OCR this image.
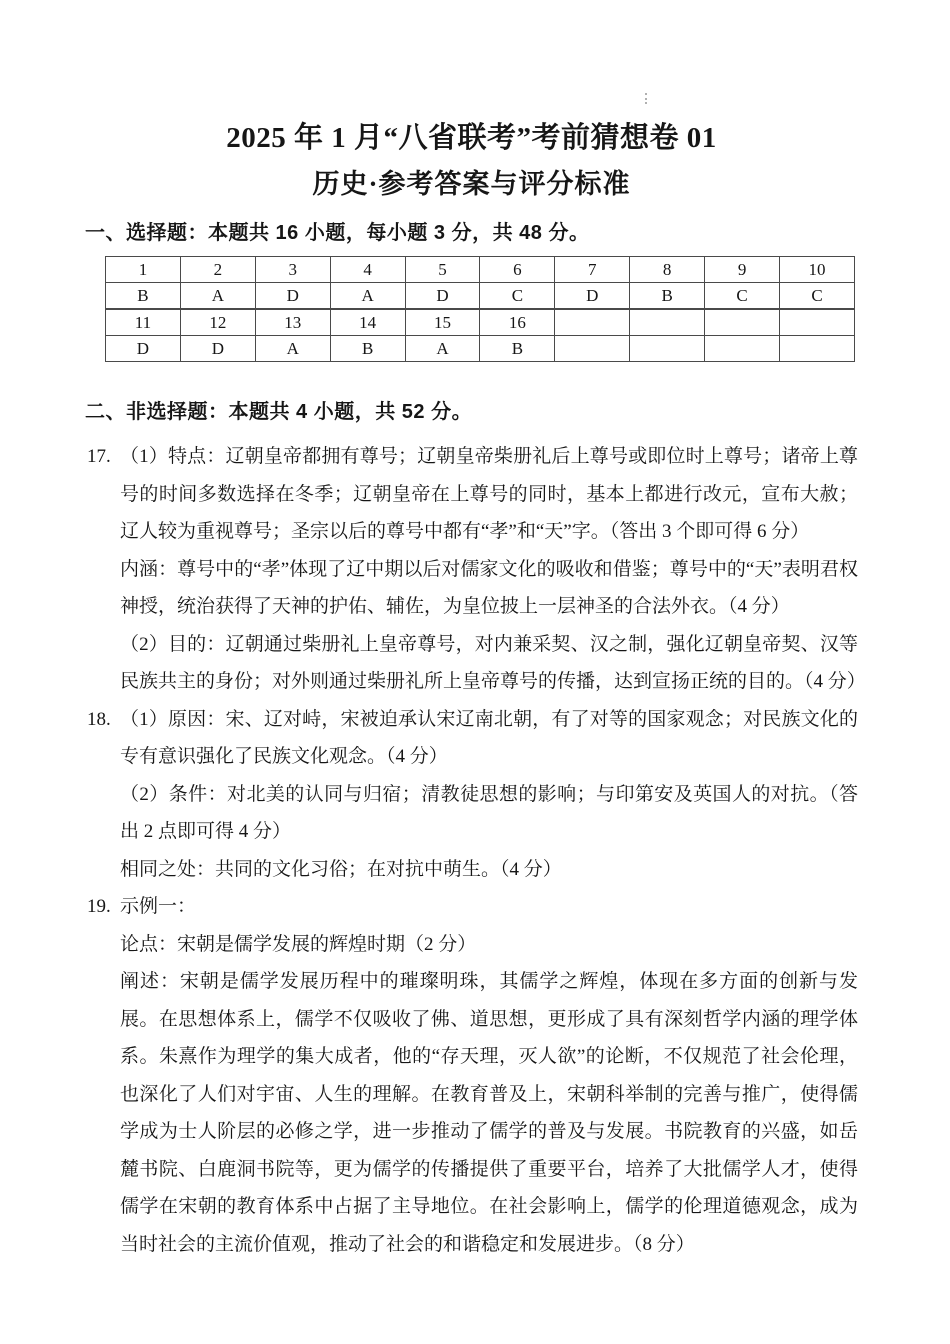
2025 年 1 月“八省联考”考前猜想卷 01
历史·参考答案与评分标准
一、选择题：本题共 16 小题，每小题 3 分，共 48 分。
1	2	3	4	5	6	7	8	9	10
B	A	D	A	D	C	D	B	C	C
11	12	13	14	15	16				
D	D	A	B	A	B				
二、非选择题：本题共 4 小题，共 52 分。
17. （1）特点：辽朝皇帝都拥有尊号；辽朝皇帝柴册礼后上尊号或即位时上尊号；诸帝上尊号的时间多数选择在冬季；辽朝皇帝在上尊号的同时，基本上都进行改元，宣布大赦；辽人较为重视尊号；圣宗以后的尊号中都有“孝”和“天”字。（答出 3 个即可得 6 分）

内涵：尊号中的“孝”体现了辽中期以后对儒家文化的吸收和借鉴；尊号中的“天”表明君权神授，统治获得了天神的护佑、辅佐，为皇位披上一层神圣的合法外衣。（4 分）

（2）目的：辽朝通过柴册礼上皇帝尊号，对内兼采契、汉之制，强化辽朝皇帝契、汉等民族共主的身份；对外则通过柴册礼所上皇帝尊号的传播，达到宣扬正统的目的。（4 分）

18. （1）原因：宋、辽对峙，宋被迫承认宋辽南北朝，有了对等的国家观念；对民族文化的专有意识强化了民族文化观念。（4 分）

（2）条件：对北美的认同与归宿；清教徒思想的影响；与印第安及英国人的对抗。（答出 2 点即可得 4 分）

相同之处：共同的文化习俗；在对抗中萌生。（4 分）

19. 示例一：

论点：宋朝是儒学发展的辉煌时期（2 分）

阐述：宋朝是儒学发展历程中的璀璨明珠，其儒学之辉煌，体现在多方面的创新与发展。在思想体系上，儒学不仅吸收了佛、道思想，更形成了具有深刻哲学内涵的理学体系。朱熹作为理学的集大成者，他的“存天理，灭人欲”的论断，不仅规范了社会伦理，也深化了人们对宇宙、人生的理解。在教育普及上，宋朝科举制的完善与推广，使得儒学成为士人阶层的必修之学，进一步推动了儒学的普及与发展。书院教育的兴盛，如岳麓书院、白鹿洞书院等，更为儒学的传播提供了重要平台，培养了大批儒学人才，使得儒学在宋朝的教育体系中占据了主导地位。在社会影响上，儒学的伦理道德观念，成为当时社会的主流价值观，推动了社会的和谐稳定和发展进步。（8 分）
